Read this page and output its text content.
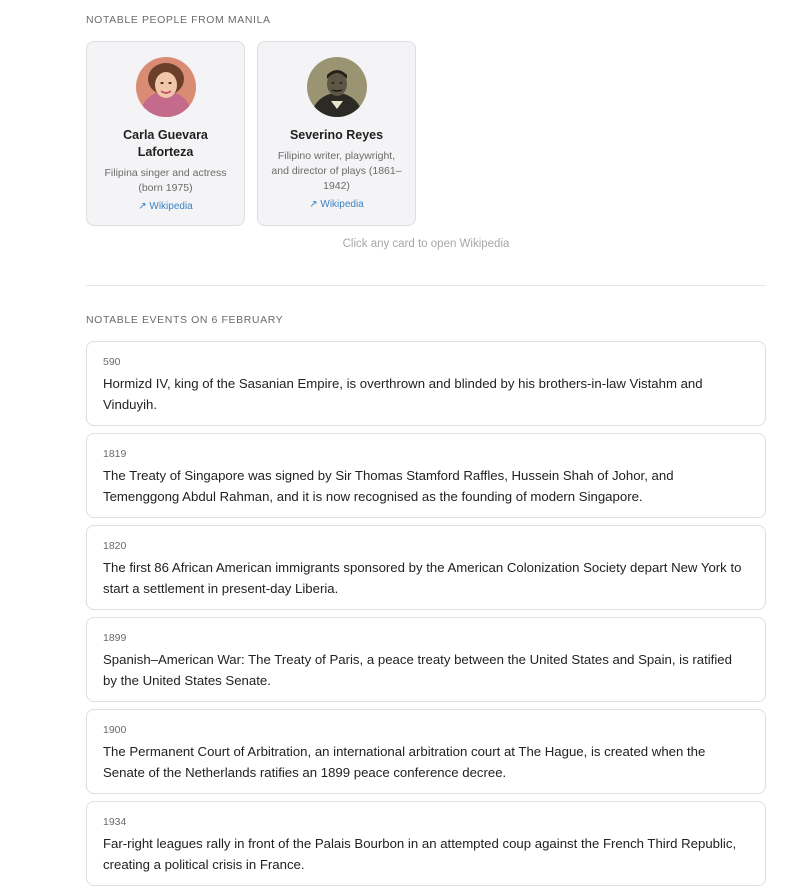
NOTABLE PEOPLE FROM MANILA
Carla Guevara Laforteza
Filipina singer and actress (born 1975)
↗ Wikipedia
Severino Reyes
Filipino writer, playwright, and director of plays (1861–1942)
↗ Wikipedia
Click any card to open Wikipedia
NOTABLE EVENTS ON 6 FEBRUARY
590
Hormizd IV, king of the Sasanian Empire, is overthrown and blinded by his brothers-in-law Vistahm and Vinduyih.
1819
The Treaty of Singapore was signed by Sir Thomas Stamford Raffles, Hussein Shah of Johor, and Temenggong Abdul Rahman, and it is now recognised as the founding of modern Singapore.
1820
The first 86 African American immigrants sponsored by the American Colonization Society depart New York to start a settlement in present-day Liberia.
1899
Spanish–American War: The Treaty of Paris, a peace treaty between the United States and Spain, is ratified by the United States Senate.
1900
The Permanent Court of Arbitration, an international arbitration court at The Hague, is created when the Senate of the Netherlands ratifies an 1899 peace conference decree.
1934
Far-right leagues rally in front of the Palais Bourbon in an attempted coup against the French Third Republic, creating a political crisis in France.
